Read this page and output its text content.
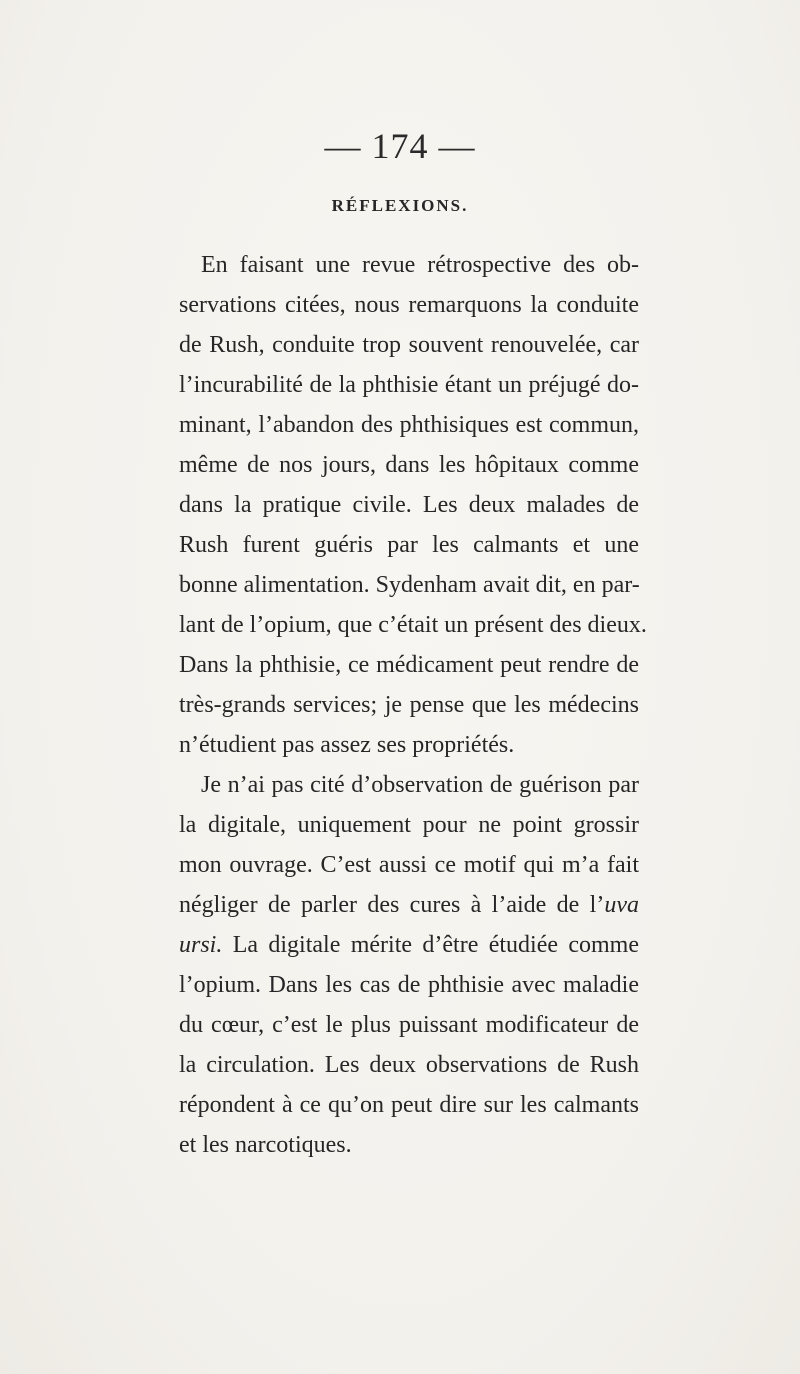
— 174 —
RÉFLEXIONS.
En faisant une revue rétrospective des ob-
servations citées, nous remarquons la conduite
de Rush, conduite trop souvent renouvelée, car
l’incurabilité de la phthisie étant un préjugé do-
minant, l’abandon des phthisiques est commun,
même de nos jours, dans les hôpitaux comme
dans la pratique civile. Les deux malades de
Rush furent guéris par les calmants et une
bonne alimentation. Sydenham avait dit, en par-
lant de l’opium, que c’était un présent des dieux.
Dans la phthisie, ce médicament peut rendre de
très-grands services; je pense que les médecins
n’étudient pas assez ses propriétés.
Je n’ai pas cité d’observation de guérison par
la digitale, uniquement pour ne point grossir
mon ouvrage. C’est aussi ce motif qui m’a fait
négliger de parler des cures à l’aide de l’uva
ursi. La digitale mérite d’être étudiée comme
l’opium. Dans les cas de phthisie avec maladie
du cœur, c’est le plus puissant modificateur de
la circulation. Les deux observations de Rush
répondent à ce qu’on peut dire sur les calmants
et les narcotiques.
